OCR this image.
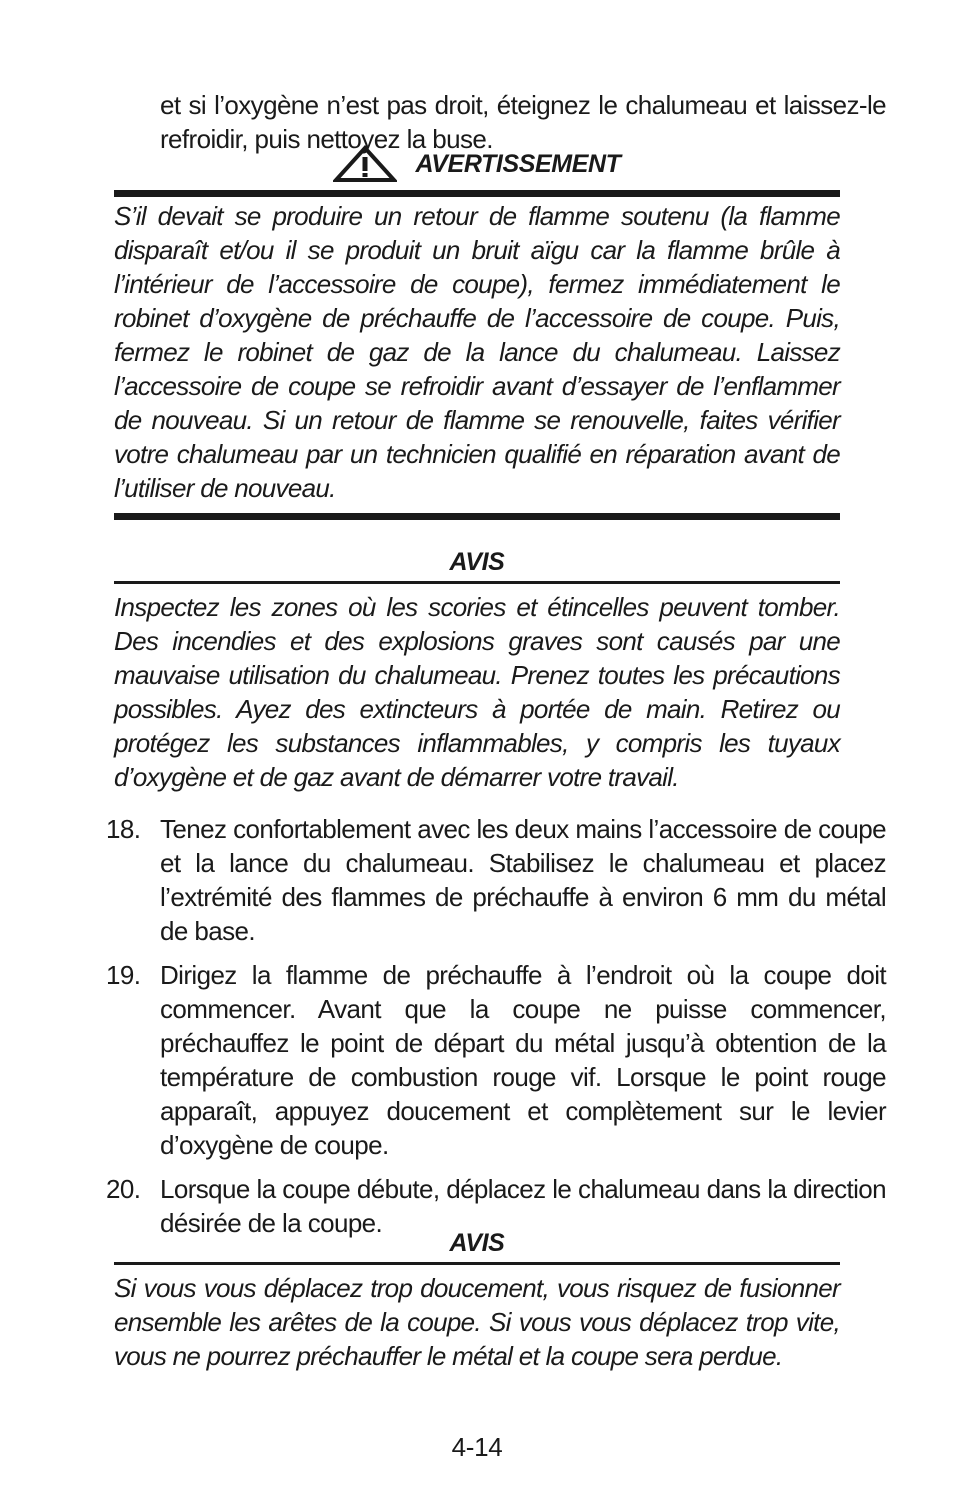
et si l’oxygène n’est pas droit, éteignez le chalumeau et laissez-le refroidir, puis nettoyez la buse.

AVERTISSEMENT

S’il devait se produire un retour de flamme soutenu (la flamme disparaît et/ou il se produit un bruit aïgu car la flamme brûle à l’intérieur de l’accessoire de coupe), fermez immédiatement le robinet d’oxygène de préchauffe de l’accessoire de coupe. Puis, fermez le robinet de gaz de la lance du chalumeau. Laissez l’accessoire de coupe se refroidir avant d’essayer de l’enflammer de nouveau. Si un retour de flamme se renouvelle, faites vérifier votre chalumeau par un technicien qualifié en réparation avant de l’utiliser de nouveau.

AVIS

Inspectez les zones où les scories et étincelles peuvent tomber. Des incendies et des explosions graves sont causés par une mauvaise utilisation du chalumeau. Prenez toutes les précautions possibles. Ayez des extincteurs à portée de main. Retirez ou protégez les substances inflammables, y compris les tuyaux d’oxygène et de gaz avant de démarrer votre travail.

18. Tenez confortablement avec les deux mains l’accessoire de coupe et la lance du chalumeau. Stabilisez le chalumeau et placez l’extrémité des flammes de préchauffe à environ 6 mm du métal de base.
19. Dirigez la flamme de préchauffe à l’endroit où la coupe doit commencer. Avant que la coupe ne puisse commencer, préchauffez le point de départ du métal jusqu’à obtention de la température de combustion rouge vif. Lorsque le point rouge apparaît, appuyez doucement et complètement sur le levier d’oxygène de coupe.
20. Lorsque la coupe débute, déplacez le chalumeau dans la direction désirée de la coupe.
AVIS

Si vous vous déplacez trop doucement, vous risquez de fusionner ensemble les arêtes de la coupe. Si vous vous déplacez trop vite, vous ne pourrez préchauffer le métal et la coupe sera perdue.

4-14
